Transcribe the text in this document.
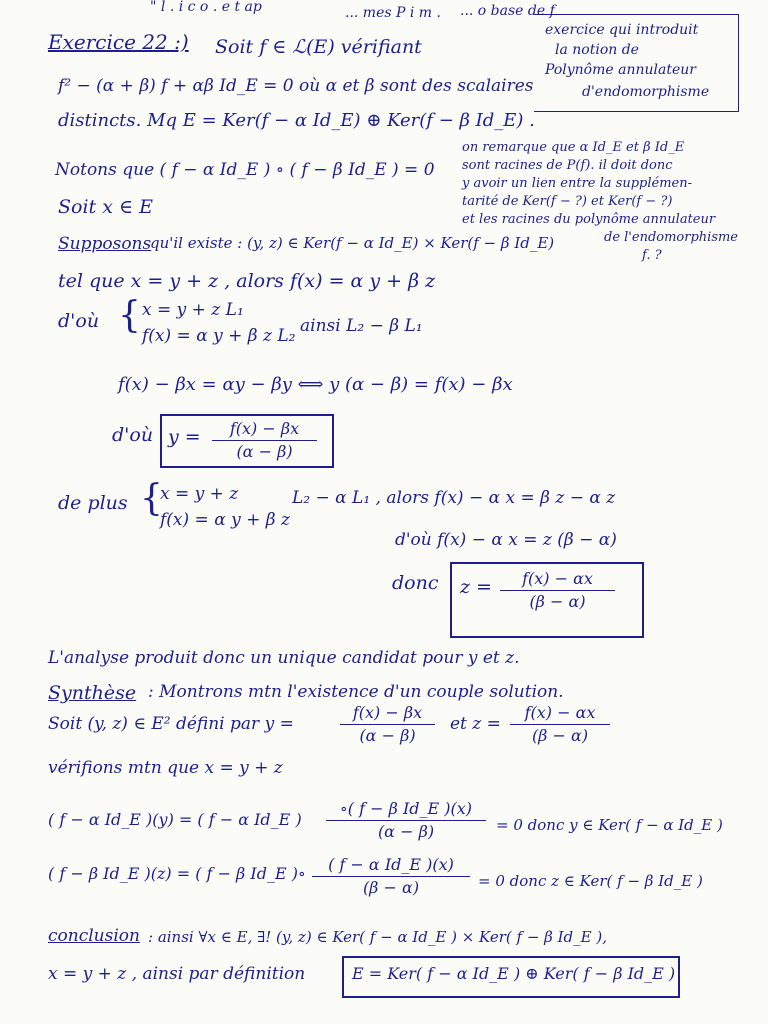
" l . i c o . e t ap	... mes P i m . ... o base de f
Exercice 22 :) Soit f ∈ ℒ(E) vérifiant
f² − (α + β) f + αβ Id_E = 0 où α et β sont des scalaires
distincts. Mq E = Ker(f − α Id_E) ⊕ Ker(f − β Id_E) .
exercice qui introduit
la notion de
Polynôme annulateur
d'endomorphisme
Notons que ( f − α Id_E ) ∘ ( f − β Id_E ) = 0
on remarque que α Id_E et β Id_E
sont racines de P(f). il doit donc
y avoir un lien entre la supplémen-
tarité de Ker(f − ?) et Ker(f − ?)
et les racines du polynôme annulateur
de l'endomorphisme
f. ?
Soit x ∈ E
Supposons
qu'il existe : (y, z) ∈ Ker(f − α Id_E) × Ker(f − β Id_E)
tel que x = y + z , alors f(x) = α y + β z
d'où { x = y + z L₁
f(x) = α y + β z L₂ ainsi L₂ − β L₁
f(x) − βx = αy − βy ⟺ y (α − β) = f(x) − βx
d'où y =	f(x) − βx
(α − β)
de plus {
x = y + z
f(x) = α y + β z
L₂ − α L₁ , alors f(x) − α x = β z − α z
d'où f(x) − α x = z (β − α)
donc z =	f(x) − αx
(β − α)
L'analyse produit donc un unique candidat pour y et z.
Synthèse : Montrons mtn l'existence d'un couple solution.
Soit (y, z) ∈ E² défini par y =
f(x) − βx
(α − β)
et z =
f(x) − αx
(β − α)
vérifions mtn que x = y + z
( f − α Id_E )(y) = ( f − α Id_E )
∘( f − β Id_E )(x)
(α − β)	= 0 donc y ∈ Ker( f − α Id_E )
( f − β Id_E )(z) = ( f − β Id_E )∘	( f − α Id_E )(x)
(β − α)	= 0 donc z ∈ Ker( f − β Id_E )
conclusion : ainsi ∀x ∈ E, ∃! (y, z) ∈ Ker( f − α Id_E ) × Ker( f − β Id_E ),
x = y + z , ainsi par définition	E = Ker( f − α Id_E ) ⊕ Ker( f − β Id_E )
